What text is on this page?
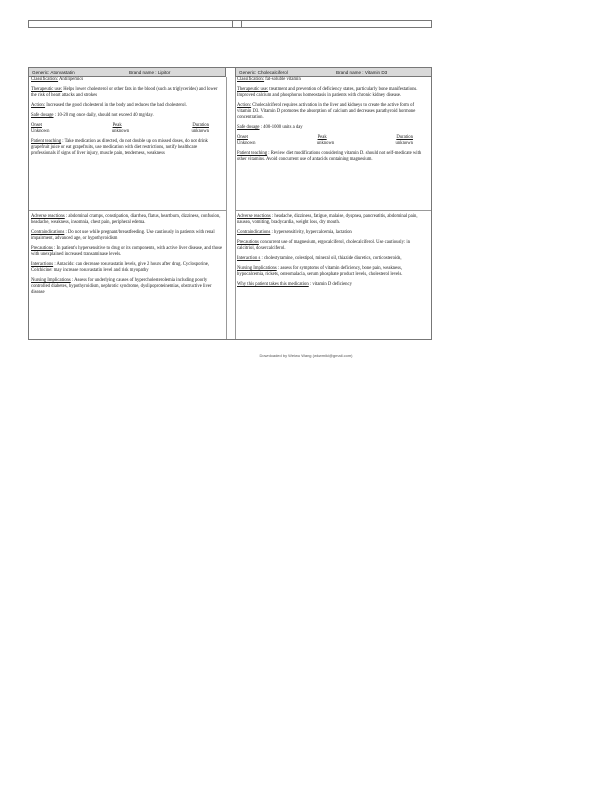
Generic: Atorvastatin	Brand name : Lipitor	Generic: Cholecalciferol	Brand name : Vitamin D3

Classification: Antilipemics

Therapeutic use: Helps lower cholesterol or other fats in the blood (such as triglycerides) and lower the risk of heart attacks and strokes

Action: Increased the good cholesterol in the body and reduces the bad cholesterol.

Safe dosage : 10-20 mg once daily, should not exceed 40 mg/day.

Onset	Peak	Duration
Unknown	unknown	unknown

Patient teaching : Take medication as directed, do not double up on missed doses, do not drink grapefruit juice or eat grapefruits, use medication with diet restrictions, notify healthcare professionals if signs of liver injury, muscle pain, tenderness, weakness

Adverse reactions : abdominal cramps, constipation, diarrhea, flatus, heartburn, dizziness, confusion, headache, weakness, insomnia, chest pain, peripheral edema.

Contraindications : Do not use while pregnant/breastfeeding. Use cautiously in patients with renal impairment, advanced age, or hypothyroidism

Precautions : In patient's hypersensitive to drug or its components, with active liver disease, and those with unexplained increased transaminase levels.

Interactions : Antacids: can decrease rosuvastatin levels, give 2 hours after drug. Cyclosporine, Colchicine: may increase rosuvastatin level and risk myopathy

Nursing Implications : Assess for underlying causes of hypercholesterolemia including poorly controlled diabetes, hypothyroidism, nephrotic syndrome, dyslipoproteinemias, obstructive liver disease

Classification: fat-soluble vitamin

Therapeutic use: treatment and prevention of deficiency states, particularly bone manifestations. Improved calcium and phosphorus homeostasis in patients with chronic kidney disease.

Action: Cholecalciferol requires activation in the liver and kidneys to create the active form of vitamin D3. Vitamin D promotes the absorption of calcium and decreases parathyroid hormone concentration.

Safe dosage : 400-1000 units a day

Onset	Peak	Duration
Unknown	unknown	unknown

Patient teaching : Review diet modifications considering vitamin D. should not self-medicate with other vitamins. Avoid concurrent use of antacids containing magnesium.

Adverse reactions : headache, dizziness, fatigue, malaise, dyspnea, pancreatitis, abdominal pain, nausea, vomiting, bradycardia, weight loss, dry mouth.

Contraindications : hypersensitivity, hypercalcemia, lactation

Precautions concurrent use of magnesium, ergocalciferol, cholecalciferol. Use cautiously: in calcitriol, doxercalciferol.

Interaction s : cholestyramine, colestipol, mineral oil, thiazide diuretics, corticosteroids,

Nursing Implications : assess for symptoms of vitamin deficiency, bone pain, weakness, hypocalcemia, rickets, osteomalacia, serum phosphate product levels, cholesterol levels.

Why this patient takes this medication : vitamin D deficiency

Downloaded by Weiwu Wang (wkwmiki@gmail.com)
